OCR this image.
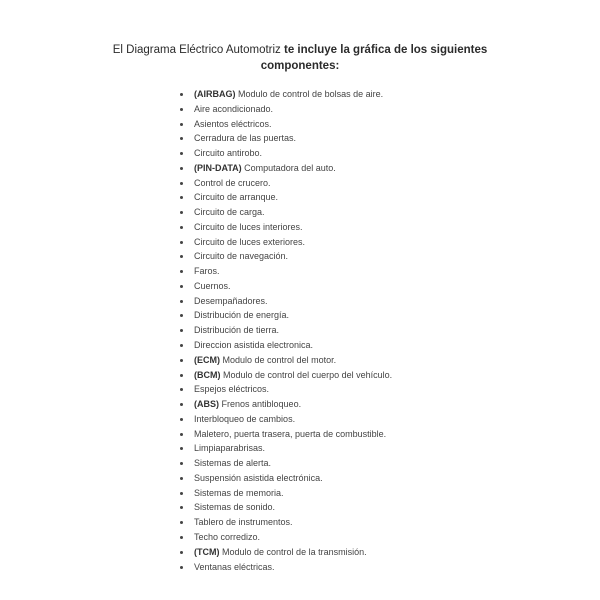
El Diagrama Eléctrico Automotriz te incluye la gráfica de los siguientes componentes:
(AIRBAG) Modulo de control de bolsas de aire.
Aire acondicionado.
Asientos eléctricos.
Cerradura de las puertas.
Circuito antirobo.
(PIN-DATA) Computadora del auto.
Control de crucero.
Circuito de arranque.
Circuito de carga.
Circuito de luces interiores.
Circuito de luces exteriores.
Circuito de navegación.
Faros.
Cuernos.
Desempañadores.
Distribución de energía.
Distribución de tierra.
Direccion asistida electronica.
(ECM) Modulo de control del motor.
(BCM) Modulo de control del cuerpo del vehículo.
Espejos eléctricos.
(ABS) Frenos antibloqueo.
Interbloqueo de cambios.
Maletero, puerta trasera, puerta de combustible.
Limpiaparabrisas.
Sistemas de alerta.
Suspensión asistida electrónica.
Sistemas de memoria.
Sistemas de sonido.
Tablero de instrumentos.
Techo corredizo.
(TCM) Modulo de control de la transmisión.
Ventanas eléctricas.
